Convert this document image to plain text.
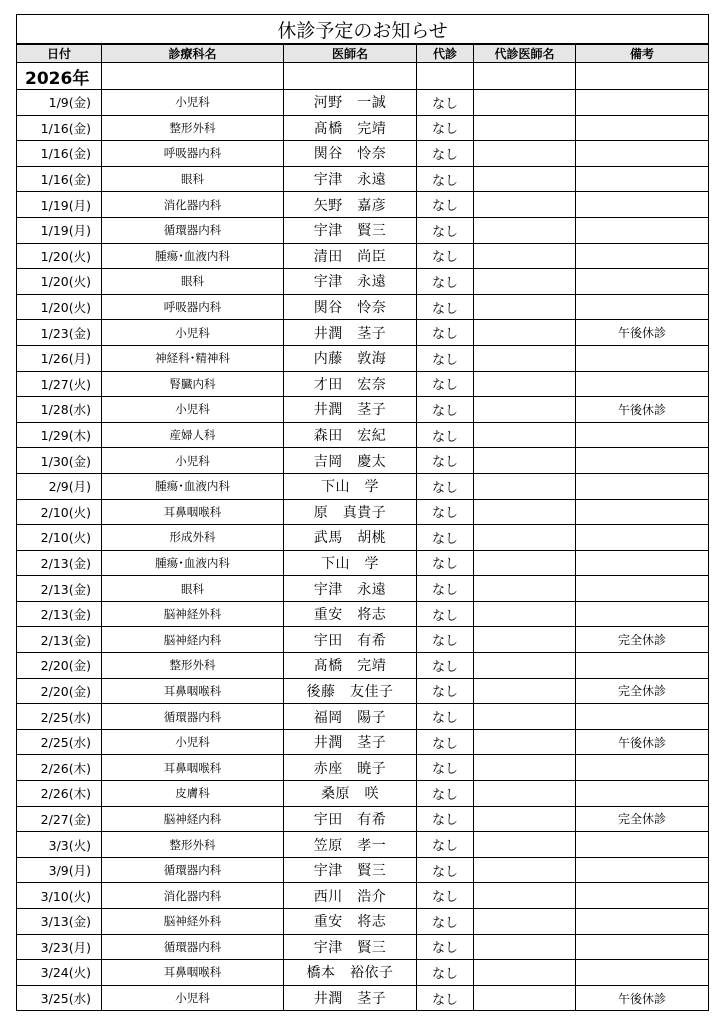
休診予定のお知らせ					
日付	診療科名	医師名	代診	代診医師名	備考
2026年					
1/9(金)	小児科	河野　一誠	なし		
1/16(金)	整形外科	髙橋　完靖	なし		
1/16(金)	呼吸器内科	関谷　怜奈	なし		
1/16(金)	眼科	宇津　永遠	なし		
1/19(月)	消化器内科	矢野　嘉彦	なし		
1/19(月)	循環器内科	宇津　賢三	なし		
1/20(火)	腫瘍･血液内科	清田　尚臣	なし		
1/20(火)	眼科	宇津　永遠	なし		
1/20(火)	呼吸器内科	関谷　怜奈	なし		
1/23(金)	小児科	井潤　茎子	なし		午後休診
1/26(月)	神経科･精神科	内藤　敦海	なし		
1/27(火)	腎臓内科	才田　宏奈	なし		
1/28(水)	小児科	井潤　茎子	なし		午後休診
1/29(木)	産婦人科	森田　宏紀	なし		
1/30(金)	小児科	吉岡　慶太	なし		
2/9(月)	腫瘍･血液内科	下山　学	なし		
2/10(火)	耳鼻咽喉科	原　真貴子	なし		
2/10(火)	形成外科	武馬　胡桃	なし		
2/13(金)	腫瘍･血液内科	下山　学	なし		
2/13(金)	眼科	宇津　永遠	なし		
2/13(金)	脳神経外科	重安　将志	なし		
2/13(金)	脳神経内科	宇田　有希	なし		完全休診
2/20(金)	整形外科	髙橋　完靖	なし		
2/20(金)	耳鼻咽喉科	後藤　友佳子	なし		完全休診
2/25(水)	循環器内科	福岡　陽子	なし		
2/25(水)	小児科	井潤　茎子	なし		午後休診
2/26(木)	耳鼻咽喉科	赤座　暁子	なし		
2/26(木)	皮膚科	桑原　咲	なし		
2/27(金)	脳神経内科	宇田　有希	なし		完全休診
3/3(火)	整形外科	笠原　孝一	なし		
3/9(月)	循環器内科	宇津　賢三	なし		
3/10(火)	消化器内科	西川　浩介	なし		
3/13(金)	脳神経外科	重安　将志	なし		
3/23(月)	循環器内科	宇津　賢三	なし		
3/24(火)	耳鼻咽喉科	橋本　裕依子	なし		
3/25(水)	小児科	井潤　茎子	なし		午後休診
